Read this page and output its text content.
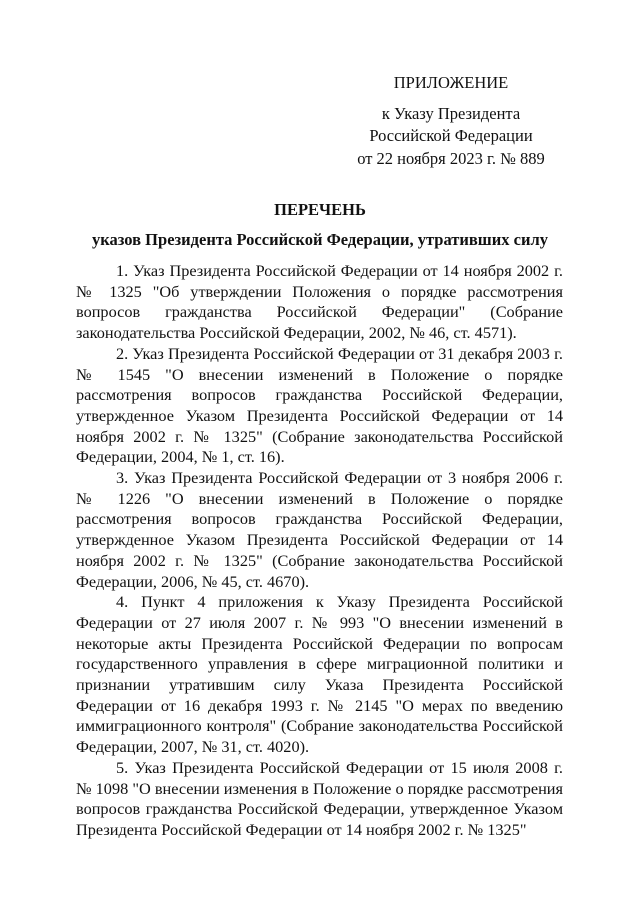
ПРИЛОЖЕНИЕ
к Указу Президента
Российской Федерации
от 22 ноября 2023 г. № 889
ПЕРЕЧЕНЬ
указов Президента Российской Федерации, утративших силу

1. Указ Президента Российской Федерации от 14 ноября 2002 г. № 1325 "Об утверждении Положения о порядке рассмотрения вопросов гражданства Российской Федерации" (Собрание законодательства Российской Федерации, 2002, № 46, ст. 4571).

2. Указ Президента Российской Федерации от 31 декабря 2003 г. № 1545 "О внесении изменений в Положение о порядке рассмотрения вопросов гражданства Российской Федерации, утвержденное Указом Президента Российской Федерации от 14 ноября 2002 г. № 1325" (Собрание законодательства Российской Федерации, 2004, № 1, ст. 16).

3. Указ Президента Российской Федерации от 3 ноября 2006 г. № 1226 "О внесении изменений в Положение о порядке рассмотрения вопросов гражданства Российской Федерации, утвержденное Указом Президента Российской Федерации от 14 ноября 2002 г. № 1325" (Собрание законодательства Российской Федерации, 2006, № 45, ст. 4670).

4. Пункт 4 приложения к Указу Президента Российской Федерации от 27 июля 2007 г. № 993 "О внесении изменений в некоторые акты Президента Российской Федерации по вопросам государственного управления в сфере миграционной политики и признании утратившим силу Указа Президента Российской Федерации от 16 декабря 1993 г. № 2145 "О мерах по введению иммиграционного контроля" (Собрание законодательства Российской Федерации, 2007, № 31, ст. 4020).

5. Указ Президента Российской Федерации от 15 июля 2008 г. № 1098 "О внесении изменения в Положение о порядке рассмотрения вопросов гражданства Российской Федерации, утвержденное Указом Президента Российской Федерации от 14 ноября 2002 г. № 1325"
